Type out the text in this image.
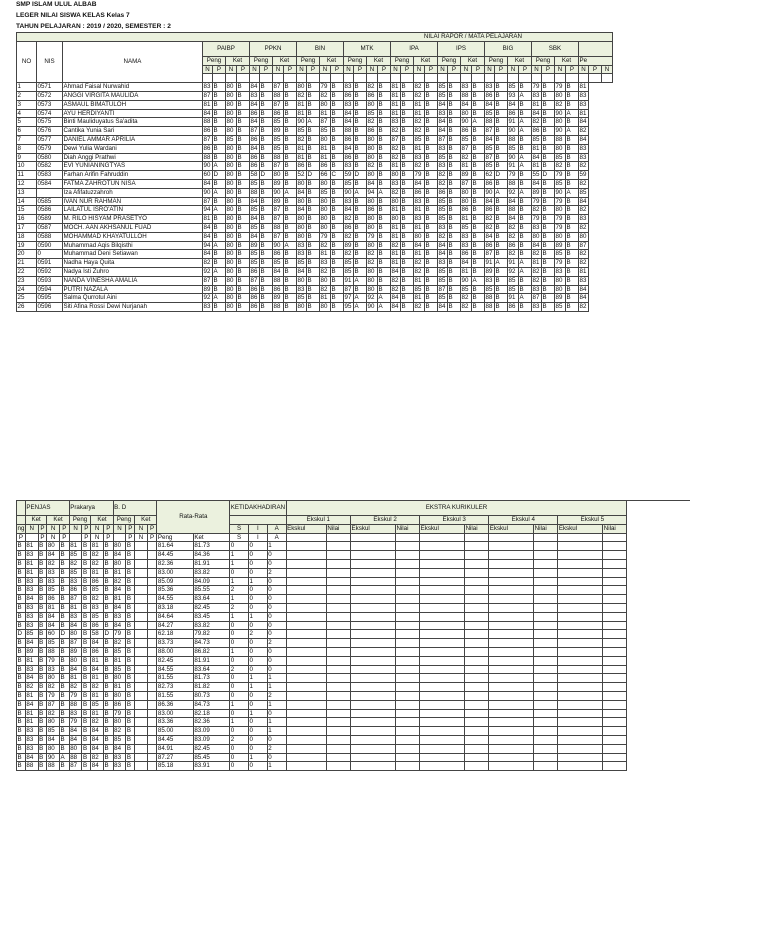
SMP ISLAM ULUL ALBAB
LEGER NILAI SISWA KELAS Kelas 7
TAHUN PELAJARAN : 2019 / 2020, SEMESTER : 2
NILAI RAPOR / MATA PELAJARAN																																					
NO	NIS	NAMA	PAIBP				PPKN				BIN				MTK				IPA				IPS				BIG				SBK						
			Peng		Ket		Peng		Ket		Peng		Ket		Peng		Ket		Peng		Ket		Peng		Ket		Peng		Ket		Peng		Ket		Pe		
			N	P	N	P	N	P	N	P	N	P	N	P	N	P	N	P	N	P	N	P	N	P	N	P	N	P	N	P	N	P	N	P	N	P	N

1	0571	Ahmad Faisal Nurwahid	83	B	80	B	84	B	87	B	80	B	79	B	83	B	82	B	81	B	82	B	85	B	83	B	83	B	85	B	79	B	79	B	81		
2	0572	ANGGI VIRGITA MAULIDA	87	B	80	B	83	B	88	B	82	B	82	B	86	B	86	B	81	B	82	B	85	B	88	B	86	B	93	A	83	B	80	B	83		
3	0573	ASMAUL BIMATULOH	81	B	80	B	84	B	87	B	81	B	80	B	83	B	80	B	81	B	81	B	84	B	84	B	84	B	84	B	81	B	82	B	83		
4	0574	AYU HERDIYANTI	84	B	80	B	86	B	86	B	81	B	81	B	84	B	85	B	81	B	81	B	83	B	80	B	85	B	86	B	84	B	90	A	81		
5	0575	Binti Mauliduyatus Sa'adita	88	B	80	B	84	B	85	B	90	A	87	B	84	B	82	B	83	B	82	B	84	B	90	A	88	B	91	A	82	B	80	B	84		
6	0576	Cantika Yunia Sari	86	B	80	B	87	B	89	B	85	B	85	B	88	B	86	B	82	B	82	B	84	B	86	B	87	B	90	A	86	B	90	A	82		
7	0577	DANIEL AMMAR APRILIA	87	B	85	B	86	B	85	B	82	B	80	B	86	B	80	B	87	B	85	B	87	B	85	B	84	B	88	B	85	B	88	B	84		
8	0579	Dewi Yulia Wardani	86	B	80	B	84	B	85	B	81	B	81	B	84	B	80	B	82	B	81	B	83	B	87	B	85	B	85	B	81	B	80	B	83		
9	0580	Diah Anggi Prathwi	88	B	80	B	86	B	88	B	81	B	81	B	86	B	80	B	82	B	83	B	85	B	82	B	87	B	90	A	84	B	85	B	83		
10	0582	EVI YUNIANINGTYAS	90	A	80	B	86	B	87	B	86	B	86	B	83	B	82	B	81	B	82	B	83	B	81	B	85	B	91	A	81	B	82	B	82		
11	0583	Farhan Arifin Fahruddin	60	D	80	B	58	D	80	B	52	D	66	C	59	D	80	B	80	B	79	B	82	B	89	B	62	D	79	B	55	D	79	B	59		
12	0584	FATMA ZAHROTUN NISA	84	B	80	B	85	B	89	B	80	B	80	B	85	B	84	B	83	B	84	B	82	B	87	B	86	B	88	B	84	B	85	B	82		
13		Iza Afifatuzzahroh	90	A	80	B	88	B	90	A	84	B	85	B	90	A	94	A	82	B	86	B	86	B	80	B	90	A	92	A	89	B	90	A	85		
14	0585	IVAN NUR RAHMAN	87	B	80	B	84	B	89	B	80	B	80	B	83	B	80	B	80	B	83	B	85	B	80	B	84	B	84	B	79	B	79	B	84		
15	0586	LAILATUL ISRO'ATIN	94	A	80	B	85	B	87	B	84	B	80	B	84	B	86	B	81	B	81	B	85	B	86	B	86	B	88	B	82	B	80	B	82		
16	0589	M. RILO HISYAM PRASETYO	81	B	80	B	84	B	87	B	80	B	80	B	82	B	80	B	80	B	83	B	85	B	81	B	82	B	84	B	79	B	79	B	83		
17	0587	MOCH. AAN AKHSANUL FUAD	84	B	80	B	85	B	88	B	80	B	80	B	86	B	80	B	81	B	81	B	83	B	85	B	82	B	82	B	83	B	79	B	82		
18	0588	MOHAMMAD KHAYATULLOH	84	B	80	B	84	B	87	B	80	B	79	B	82	B	79	B	81	B	80	B	82	B	83	B	84	B	82	B	80	B	80	B	80		
19	0590	Muhammad Aqis Bilqisthi	94	A	80	B	89	B	90	A	83	B	82	B	89	B	80	B	82	B	84	B	84	B	83	B	86	B	86	B	84	B	89	B	87		
20	0	Muhammad Deni Setiawan	84	B	80	B	85	B	86	B	83	B	81	B	82	B	82	B	81	B	81	B	84	B	86	B	87	B	82	B	82	B	85	B	82		
21	0591	Nadha Haya Quita	82	B	80	B	85	B	85	B	85	B	83	B	85	B	82	B	81	B	82	B	83	B	84	B	91	A	91	A	81	B	79	B	82		
22	0592	Nadya Isti Zuhro	92	A	80	B	86	B	84	B	84	B	82	B	85	B	80	B	84	B	82	B	85	B	81	B	89	B	92	A	82	B	83	B	81		
23	0593	NANDA VINESHA AMALIA	87	B	80	B	87	B	88	B	80	B	80	B	91	A	80	B	82	B	81	B	85	B	90	A	83	B	85	B	82	B	80	B	83		
24	0594	PUTRI NAZALA	89	B	80	B	86	B	86	B	83	B	82	B	87	B	80	B	82	B	85	B	87	B	85	B	85	B	85	B	83	B	80	B	84		
25	0595	Salma Qurrotul Aini	92	A	80	B	86	B	89	B	85	B	81	B	97	A	92	A	84	B	81	B	85	B	82	B	88	B	91	A	87	B	89	B	84		
26	0596	Siti Afina Rossi Dewi Nurjanah	83	B	80	B	86	B	88	B	80	B	80	B	95	A	90	A	84	B	82	B	84	B	82	B	88	B	86	B	83	B	85	B	82		

	PENJAS				Prakarya				B. D				Rata-Rata		KETIDAKHADIRAN			EKSTRA KURIKULER											
	Ket		Ket		Peng		Ket		Peng		Ket							Ekskul 1		Ekskul 2		Ekskul 3		Ekskul 4		Ekskul 5			
ng	N	P	N	P	N	P	N	P	N	P	N	P			S	I	A	Ekskul	Nilai	Ekskul	Nilai	Ekskul	Nilai	Ekskul	Nilai	Ekskul	Nilai		
P		P	N	P		P	N	P		P	N	P	Peng	Ket	S	I	A												
B	81	B	80	B	81	B	81	B	80	B			81.64	81.73	0	0	1												
B	83	B	84	B	85	B	82	B	84	B			84.45	84.36	1	0	0												
B	81	B	82	B	82	B	82	B	80	B			82.36	81.91	1	0	0												
B	81	B	83	B	85	B	81	B	81	B			83.00	83.82	0	0	2												
B	83	B	83	B	83	B	86	B	82	B			85.09	84.09	1	1	0												
B	83	B	85	B	86	B	85	B	84	B			85.36	85.55	2	0	0												
B	84	B	86	B	87	B	82	B	81	B			84.55	83.64	1	0	0												
B	83	B	81	B	81	B	83	B	84	B			83.18	82.45	2	0	0												
B	83	B	84	B	83	B	85	B	83	B			84.64	83.45	1	1	0												
B	83	B	84	B	84	B	86	B	84	B			84.27	83.82	0	0	0												
D	85	B	60	D	80	B	58	D	79	B			62.18	79.82	0	2	0												
B	84	B	85	B	87	B	84	B	82	B			83.73	84.73	0	0	2												
B	89	B	88	B	89	B	86	B	85	B			88.00	86.82	1	0	0												
B	81	B	79	B	80	B	81	B	81	B			82.45	81.91	0	0	0												
B	83	B	83	B	84	B	84	B	85	B			84.55	83.64	2	0	0												
B	84	B	80	B	81	B	81	B	80	B			81.55	81.73	0	1	1												
B	82	B	82	B	82	B	82	B	81	B			82.73	81.82	0	1	1												
B	81	B	79	B	79	B	81	B	80	B			81.55	80.73	0	0	2												
B	84	B	87	B	88	B	85	B	86	B			86.36	84.73	1	0	1												
B	81	B	82	B	83	B	81	B	79	B			83.00	82.18	0	1	0												
B	81	B	80	B	79	B	82	B	80	B			83.36	82.36	1	0	1												
B	83	B	85	B	84	B	84	B	82	B			85.00	83.09	0	0	1												
B	83	B	84	B	84	B	84	B	85	B			84.45	83.09	2	0	0												
B	83	B	80	B	80	B	84	B	84	B			84.91	82.45	0	0	2												
B	84	B	90	A	88	B	82	B	83	B			87.27	85.45	0	1	0												
B	88	B	88	B	87	B	84	B	83	B			85.18	83.91	0	0	1												
